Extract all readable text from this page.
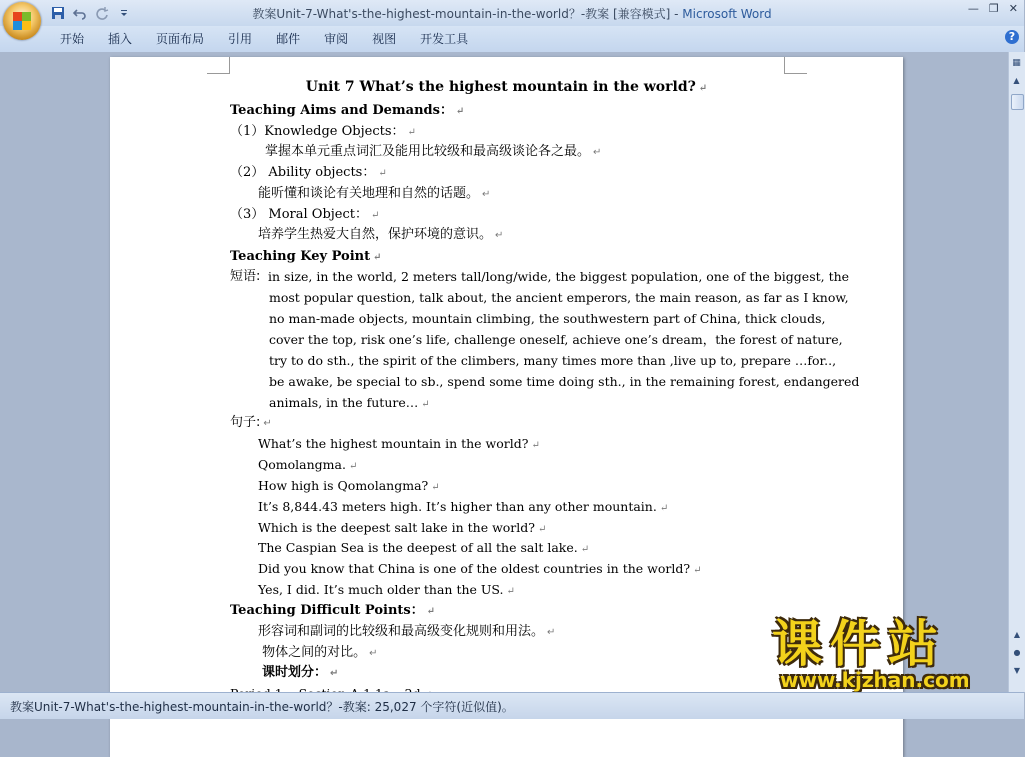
教案Unit-7-What's-the-highest-mountain-in-the-world？-教案 [兼容模式] - Microsoft Word	— ❐ ✕
开始	插入	页面布局	引用	邮件	审阅	视图	开发工具	?
Unit 7 What’s the highest mountain in the world? ↵
Teaching Aims and Demands： ↵
（1）Knowledge Objects： ↵
掌握本单元重点词汇及能用比较级和最高级谈论各之最。 ↵
（2） Ability objects： ↵
能听懂和谈论有关地理和自然的话题。 ↵
（3） Moral Object： ↵
培养学生热爱大自然，保护环境的意识。 ↵
Teaching Key Point ↵
短语: in size, in the world, 2 meters tall/long/wide, the biggest population, one of the biggest, the
most popular question, talk about, the ancient emperors, the main reason, as far as I know,
no man-made objects, mountain climbing, the southwestern part of China, thick clouds,
cover the top, risk one’s life, challenge oneself, achieve one’s dream，the forest of nature,
try to do sth., the spirit of the climbers, many times more than ,live up to, prepare …for..,
be awake, be special to sb., spend some time doing sth., in the remaining forest, endangered
animals, in the future… ↵
句子: ↵
What’s the highest mountain in the world? ↵
Qomolangma. ↵
How high is Qomolangma? ↵
It’s 8,844.43 meters high. It’s higher than any other mountain. ↵
Which is the deepest salt lake in the world? ↵
The Caspian Sea is the deepest of all the salt lake. ↵
Did you know that China is one of the oldest countries in the world? ↵
Yes, I did. It’s much older than the US. ↵
Teaching Difficult Points： ↵
形容词和副词的比较级和最高级变化规则和用法。 ↵
物体之间的对比。 ↵
课时划分： ↵
▦
▲
▲
●
▼
课件站
www.kjzhan.com
教案Unit-7-What's-the-highest-mountain-in-the-world？-教案: 25,027 个字符(近似值)。
